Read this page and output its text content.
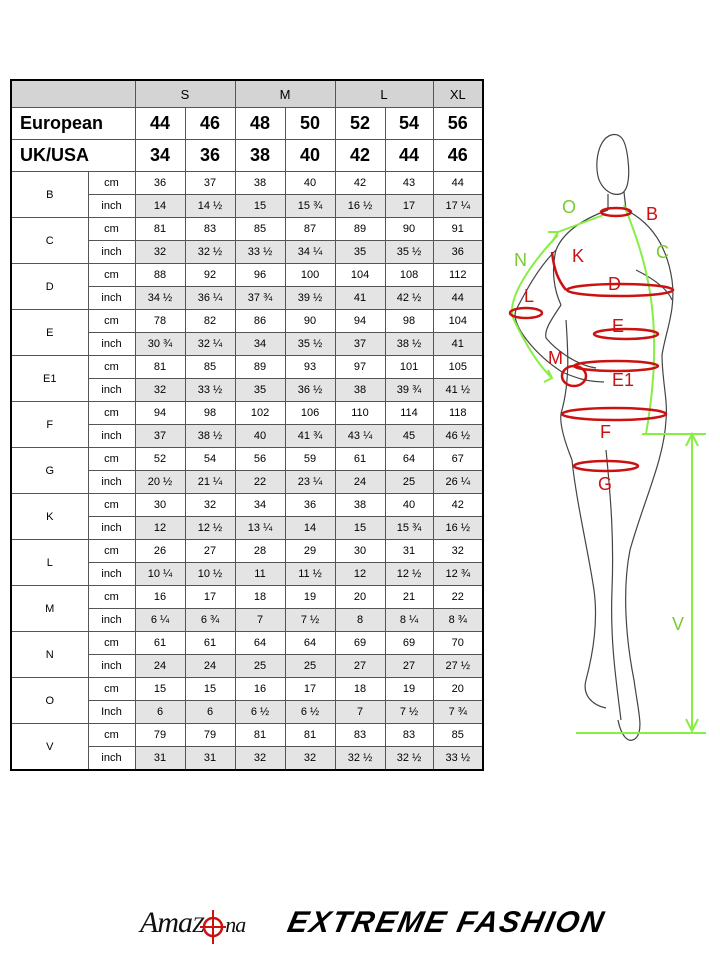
		S		M		L		XL
European		44	46	48	50	52	54	56
UK/USA		34	36	38	40	42	44	46
B	cm	36	37	38	40	42	43	44
	inch	14	14 ½	15	15 ¾	16 ½	17	17 ¼
C	cm	81	83	85	87	89	90	91
	inch	32	32 ½	33 ½	34 ¼	35	35 ½	36
D	cm	88	92	96	100	104	108	112
	inch	34 ½	36 ¼	37 ¾	39 ½	41	42 ½	44
E	cm	78	82	86	90	94	98	104
	inch	30 ¾	32 ¼	34	35 ½	37	38 ½	41
E1	cm	81	85	89	93	97	101	105
	inch	32	33 ½	35	36 ½	38	39 ¾	41 ½
F	cm	94	98	102	106	110	114	118
	inch	37	38 ½	40	41 ¾	43 ¼	45	46 ½
G	cm	52	54	56	59	61	64	67
	inch	20 ½	21 ¼	22	23 ¼	24	25	26 ¼
K	cm	30	32	34	36	38	40	42
	inch	12	12 ½	13 ¼	14	15	15 ¾	16 ½
L	cm	26	27	28	29	30	31	32
	inch	10 ¼	10 ½	11	11 ½	12	12 ½	12 ¾
M	cm	16	17	18	19	20	21	22
	inch	6 ¼	6 ¾	7	7 ½	8	8 ¼	8 ¾
N	cm	61	61	64	64	69	69	70
	inch	24	24	25	25	27	27	27 ½
O	cm	15	15	16	17	18	19	20
	Inch	6	6	6 ½	6 ½	7	7 ½	7 ¾
V	cm	79	79	81	81	83	83	85
	inch	31	31	32	32	32 ½	32 ½	33 ½
O	B
N	K	C
L
D
E
M
E1
F
G
V
AmaZ na EXTREME FASHION
